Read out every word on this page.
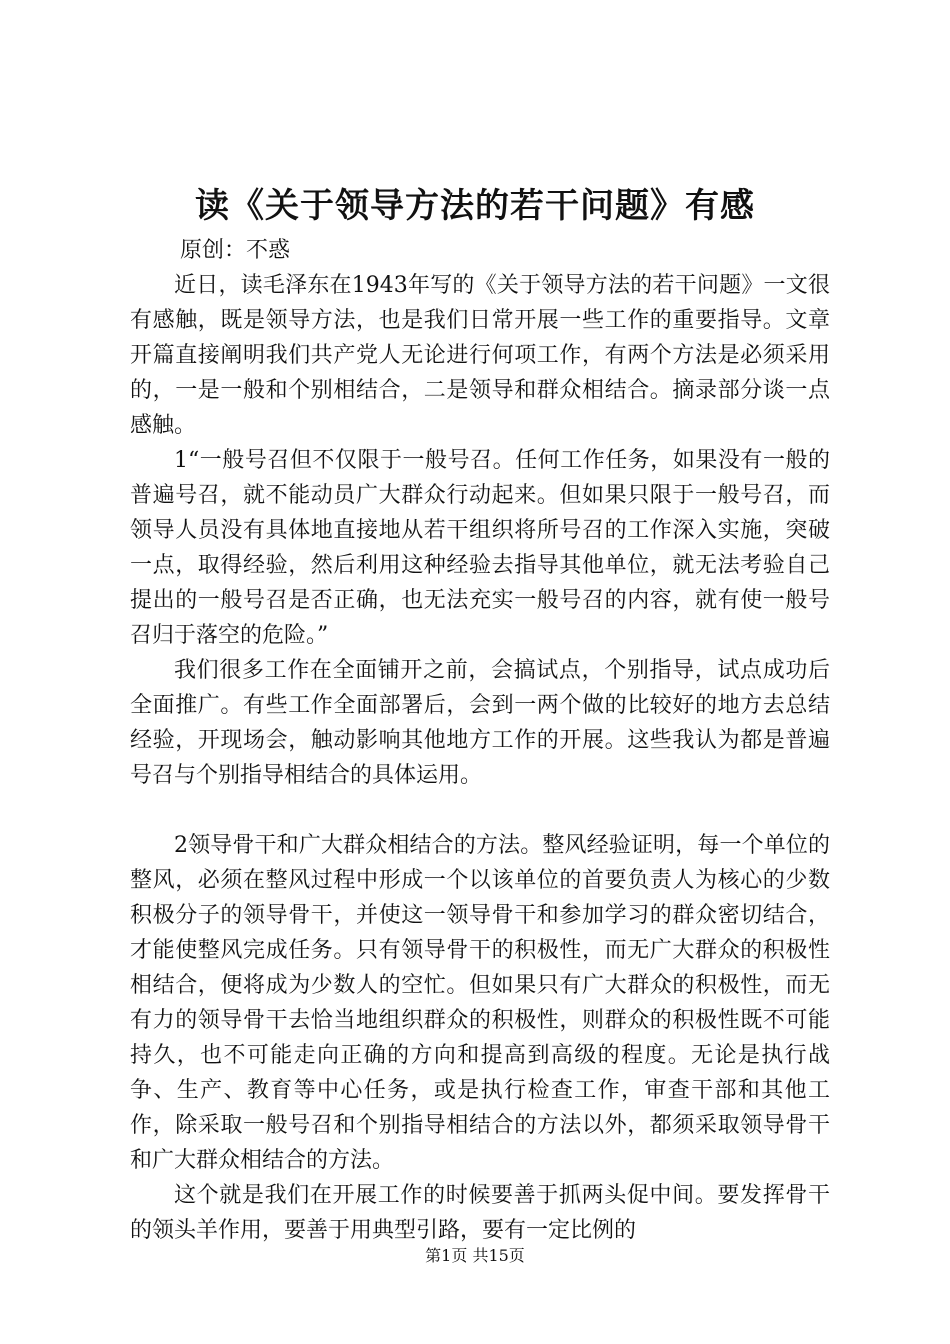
读《关于领导方法的若干问题》有感
原创：不惑

近日，读毛泽东在1943年写的《关于领导方法的若干问题》一文很有感触，既是领导方法，也是我们日常开展一些工作的重要指导。文章开篇直接阐明我们共产党人无论进行何项工作，有两个方法是必须采用的，一是一般和个别相结合，二是领导和群众相结合。摘录部分谈一点感触。

1“一般号召但不仅限于一般号召。任何工作任务，如果没有一般的普遍号召，就不能动员广大群众行动起来。但如果只限于一般号召，而领导人员没有具体地直接地从若干组织将所号召的工作深入实施，突破一点，取得经验，然后利用这种经验去指导其他单位，就无法考验自己提出的一般号召是否正确，也无法充实一般号召的内容，就有使一般号召归于落空的危险。”

我们很多工作在全面铺开之前，会搞试点，个别指导，试点成功后全面推广。有些工作全面部署后，会到一两个做的比较好的地方去总结经验，开现场会，触动影响其他地方工作的开展。这些我认为都是普遍号召与个别指导相结合的具体运用。

2领导骨干和广大群众相结合的方法。整风经验证明，每一个单位的整风，必须在整风过程中形成一个以该单位的首要负责人为核心的少数积极分子的领导骨干，并使这一领导骨干和参加学习的群众密切结合，才能使整风完成任务。只有领导骨干的积极性，而无广大群众的积极性相结合，便将成为少数人的空忙。但如果只有广大群众的积极性，而无有力的领导骨干去恰当地组织群众的积极性，则群众的积极性既不可能持久，也不可能走向正确的方向和提高到高级的程度。无论是执行战争、生产、教育等中心任务，或是执行检查工作，审查干部和其他工作，除采取一般号召和个别指导相结合的方法以外，都须采取领导骨干和广大群众相结合的方法。

这个就是我们在开展工作的时候要善于抓两头促中间。要发挥骨干的领头羊作用，要善于用典型引路，要有一定比例的

第1页 共15页
